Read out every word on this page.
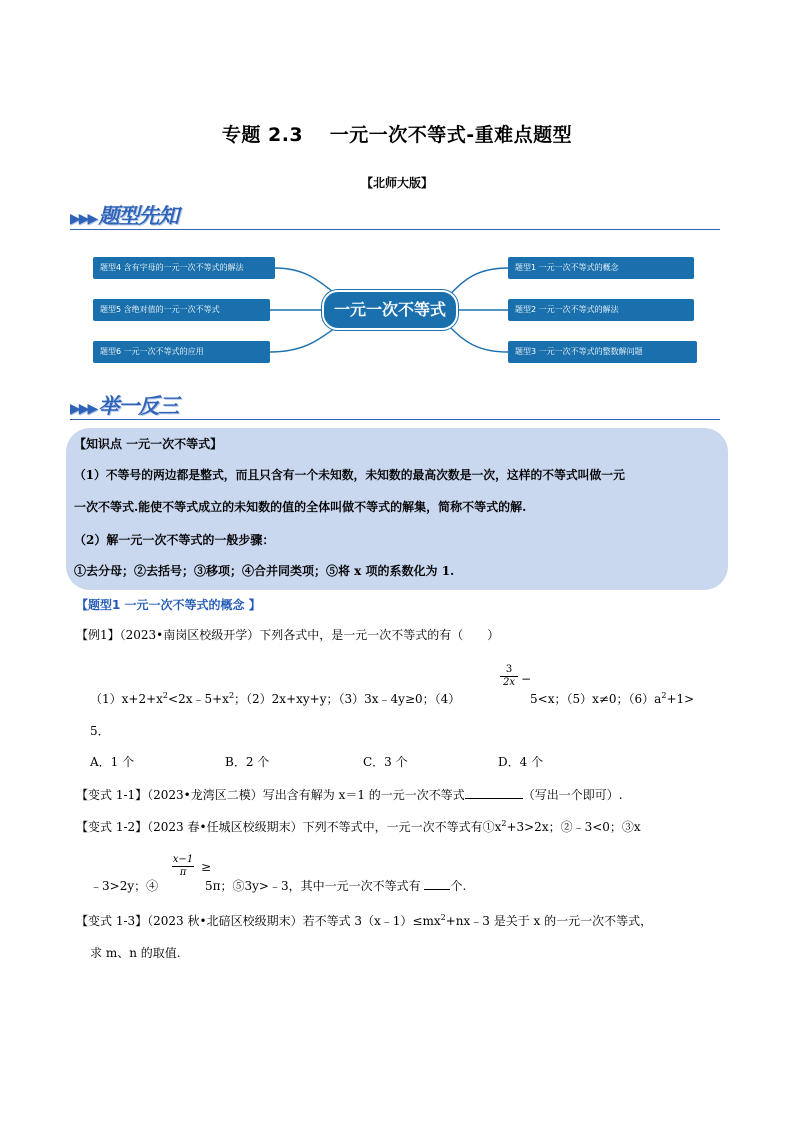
专题 2.3　 一元一次不等式-重难点题型
【北师大版】
▶▶▶题型先知
题型4 含有字母的一元一次不等式的解法
题型5 含绝对值的一元一次不等式
题型6 一元一次不等式的应用
一元一次不等式
题型1 一元一次不等式的概念
题型2 一元一次不等式的解法
题型3 一元一次不等式的整数解问题
▶▶▶举一反三
【知识点 一元一次不等式】
（1）不等号的两边都是整式，而且只含有一个未知数，未知数的最高次数是一次，这样的不等式叫做一元
一次不等式.能使不等式成立的未知数的值的全体叫做不等式的解集，简称不等式的解.
（2）解一元一次不等式的一般步骤：
①去分母；②去括号；③移项；④合并同类项；⑤将 x 项的系数化为 1.
【题型1 一元一次不等式的概念 】
【例1】（2023•南岗区校级开学）下列各式中，是一元一次不等式的有（　　）
$(1)x+2+x^2<2x﹣5+x^2$；（2）2x+xy+y；（3）3x﹣4y≥0；（4）
$\frac{3}{2x}$ −
5<x；（5）x≠0；$(6)a^2+1>$
5．
A．1 个	B．2 个	C．3 个	D．4 个
【变式 1-1】（2023•龙湾区二模）写出含有解为 x＝1 的一元一次不等式	（写出一个即可）.
【变式 1-2】（2023 春•任城区校级期末）下列不等式中，一元一次不等式有$①x^2+3>2x$；②﹣3<0；③x
﹣3>2y；④
$\frac{x-1}{\pi}$ ≥
5π；⑤3y>﹣3，其中一元一次不等式有 个.
【变式 1-3】（2023 秋•北碚区校级期末）若不等式 $3(x﹣1)\le mx^2+nx﹣3$ 是关于 x 的一元一次不等式，
求 m、n 的取值.
